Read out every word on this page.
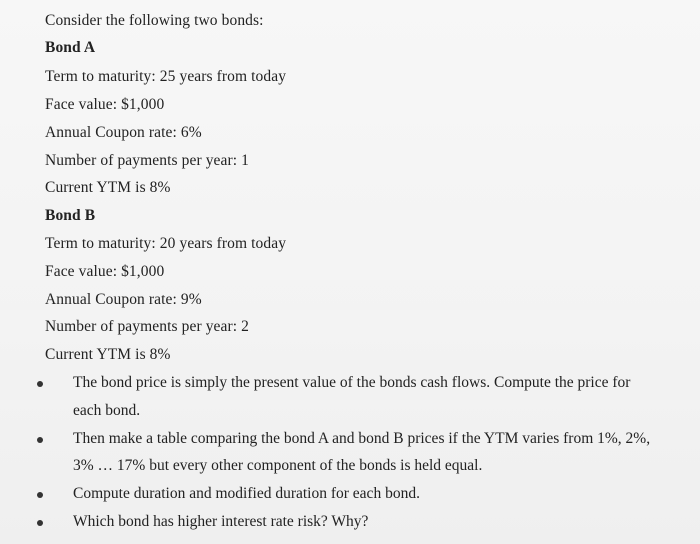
Consider the following two bonds:
Bond A
Term to maturity: 25 years from today
Face value: $1,000
Annual Coupon rate: 6%
Number of payments per year: 1
Current YTM is 8%
Bond B
Term to maturity: 20 years from today
Face value: $1,000
Annual Coupon rate: 9%
Number of payments per year: 2
Current YTM is 8%
The bond price is simply the present value of the bonds cash flows. Compute the price for
each bond.
Then make a table comparing the bond A and bond B prices if the YTM varies from 1%, 2%,
3% … 17% but every other component of the bonds is held equal.
Compute duration and modified duration for each bond.
Which bond has higher interest rate risk? Why?
